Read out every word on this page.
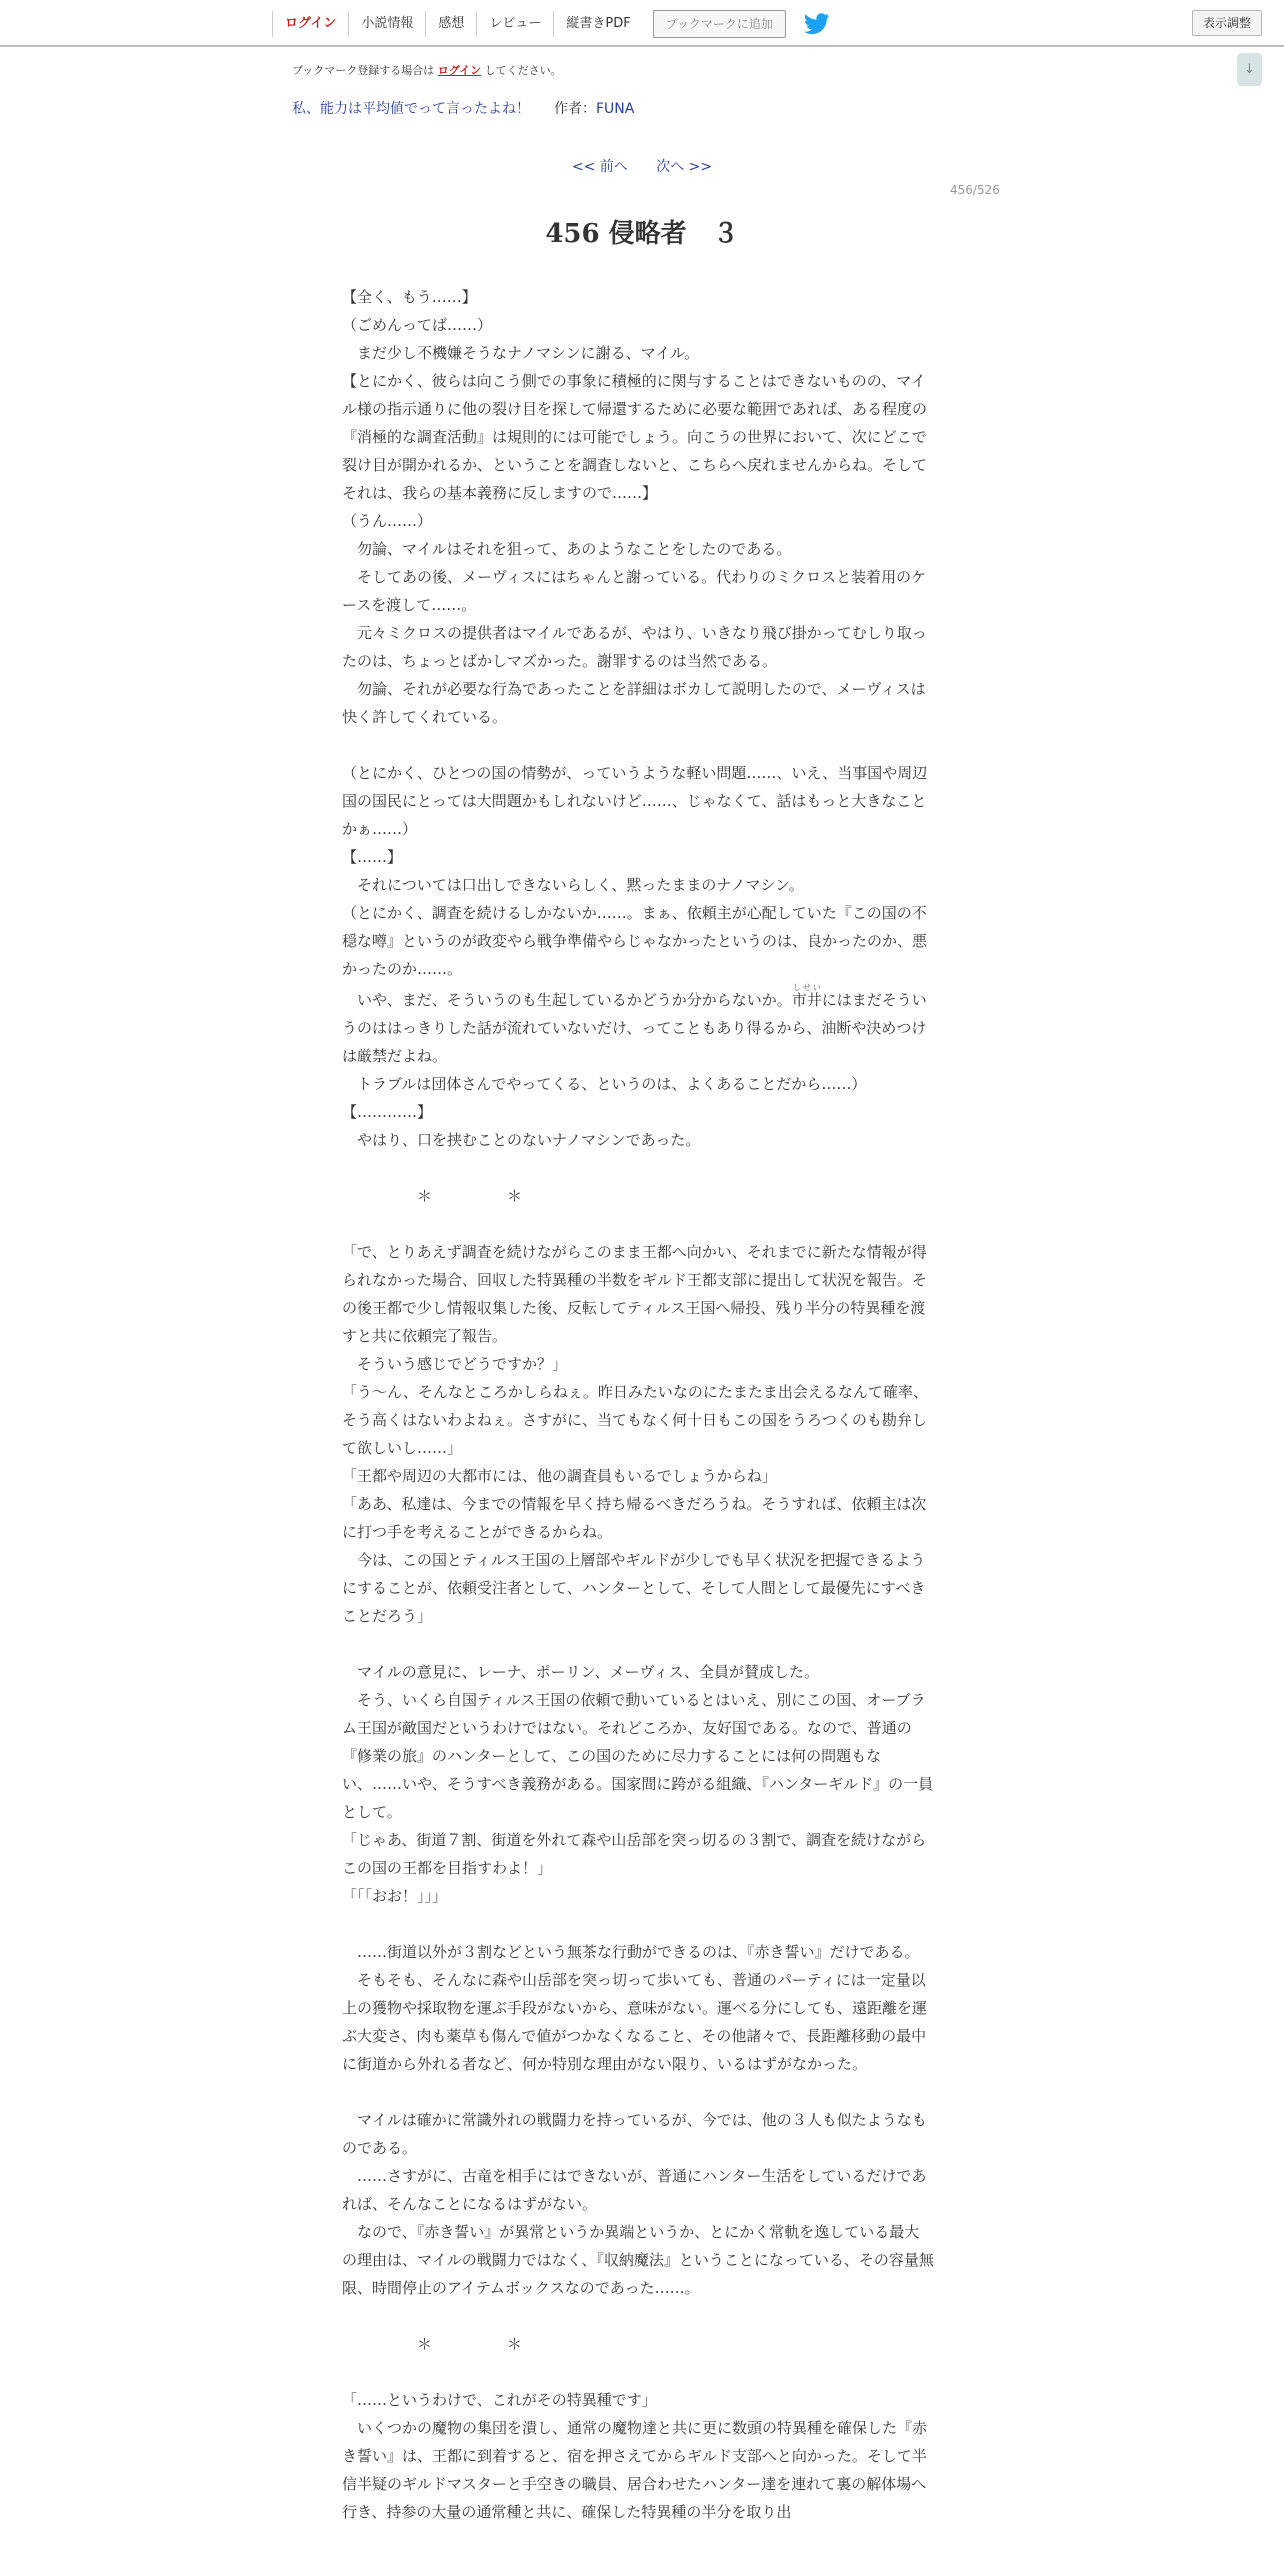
ログイン	小説情報	感想	レビュー	縦書きPDF	ブックマークに追加	表示調整
↓
ブックマーク登録する場合は ログイン してください。
私、能力は平均値でって言ったよね！ 作者：FUNA
<< 前へ 次へ >>
456/526
456 侵略者　３

【全く、もう……】

（ごめんってば……）

　まだ少し不機嫌そうなナノマシンに謝る、マイル。

【とにかく、彼らは向こう側での事象に積極的に関与することはできないものの、マイル様の指示通りに他の裂け目を探して帰還するために必要な範囲であれば、ある程度の『消極的な調査活動』は規則的には可能でしょう。向こうの世界において、次にどこで裂け目が開かれるか、ということを調査しないと、こちらへ戻れませんからね。そしてそれは、我らの基本義務に反しますので……】

（うん……）

　勿論、マイルはそれを狙って、あのようなことをしたのである。

　そしてあの後、メーヴィスにはちゃんと謝っている。代わりのミクロスと装着用のケースを渡して……。

　元々ミクロスの提供者はマイルであるが、やはり、いきなり飛び掛かってむしり取ったのは、ちょっとばかしマズかった。謝罪するのは当然である。

　勿論、それが必要な行為であったことを詳細はボカして説明したので、メーヴィスは快く許してくれている。

（とにかく、ひとつの国の情勢が、っていうような軽い問題……、いえ、当事国や周辺国の国民にとっては大問題かもしれないけど……、じゃなくて、話はもっと大きなことかぁ……）

【……】

　それについては口出しできないらしく、黙ったままのナノマシン。

（とにかく、調査を続けるしかないか……。まぁ、依頼主が心配していた『この国の不穏な噂』というのが政変やら戦争準備やらじゃなかったというのは、良かったのか、悪かったのか……。

　いや、まだ、そういうのも生起しているかどうか分からないか。市井しせいにはまだそういうのははっきりした話が流れていないだけ、ってこともあり得るから、油断や決めつけは厳禁だよね。

　トラブルは団体さんでやってくる、というのは、よくあることだから……）

【…………】

　やはり、口を挟むことのないナノマシンであった。

　　　　　＊　　　　　＊

「で、とりあえず調査を続けながらこのまま王都へ向かい、それまでに新たな情報が得られなかった場合、回収した特異種の半数をギルド王都支部に提出して状況を報告。その後王都で少し情報収集した後、反転してティルス王国へ帰投、残り半分の特異種を渡すと共に依頼完了報告。

　そういう感じでどうですか？」

「う～ん、そんなところかしらねぇ。昨日みたいなのにたまたま出会えるなんて確率、そう高くはないわよねぇ。さすがに、当てもなく何十日もこの国をうろつくのも勘弁して欲しいし……」

「王都や周辺の大都市には、他の調査員もいるでしょうからね」

「ああ、私達は、今までの情報を早く持ち帰るべきだろうね。そうすれば、依頼主は次に打つ手を考えることができるからね。

　今は、この国とティルス王国の上層部やギルドが少しでも早く状況を把握できるようにすることが、依頼受注者として、ハンターとして、そして人間として最優先にすべきことだろう」

　マイルの意見に、レーナ、ポーリン、メーヴィス、全員が賛成した。

　そう、いくら自国ティルス王国の依頼で動いているとはいえ、別にこの国、オーブラム王国が敵国だというわけではない。それどころか、友好国である。なので、普通の『修業の旅』のハンターとして、この国のために尽力することには何の問題もない、……いや、そうすべき義務がある。国家間に跨がる組織、『ハンターギルド』の一員として。

「じゃあ、街道７割、街道を外れて森や山岳部を突っ切るの３割で、調査を続けながらこの国の王都を目指すわよ！」

「「「おお！」」」

　……街道以外が３割などという無茶な行動ができるのは、『赤き誓い』だけである。

　そもそも、そんなに森や山岳部を突っ切って歩いても、普通のパーティには一定量以上の獲物や採取物を運ぶ手段がないから、意味がない。運べる分にしても、遠距離を運ぶ大変さ、肉も薬草も傷んで値がつかなくなること、その他諸々で、長距離移動の最中に街道から外れる者など、何か特別な理由がない限り、いるはずがなかった。

　マイルは確かに常識外れの戦闘力を持っているが、今では、他の３人も似たようなものである。

　……さすがに、古竜を相手にはできないが、普通にハンター生活をしているだけであれば、そんなことになるはずがない。

　なので、『赤き誓い』が異常というか異端というか、とにかく常軌を逸している最大の理由は、マイルの戦闘力ではなく、『収納魔法』ということになっている、その容量無限、時間停止のアイテムボックスなのであった……。

　　　　　＊　　　　　＊

「……というわけで、これがその特異種です」

　いくつかの魔物の集団を潰し、通常の魔物達と共に更に数頭の特異種を確保した『赤き誓い』は、王都に到着すると、宿を押さえてからギルド支部へと向かった。そして半信半疑のギルドマスターと手空きの職員、居合わせたハンター達を連れて裏の解体場へ行き、持参の大量の通常種と共に、確保した特異種の半分を取り出
